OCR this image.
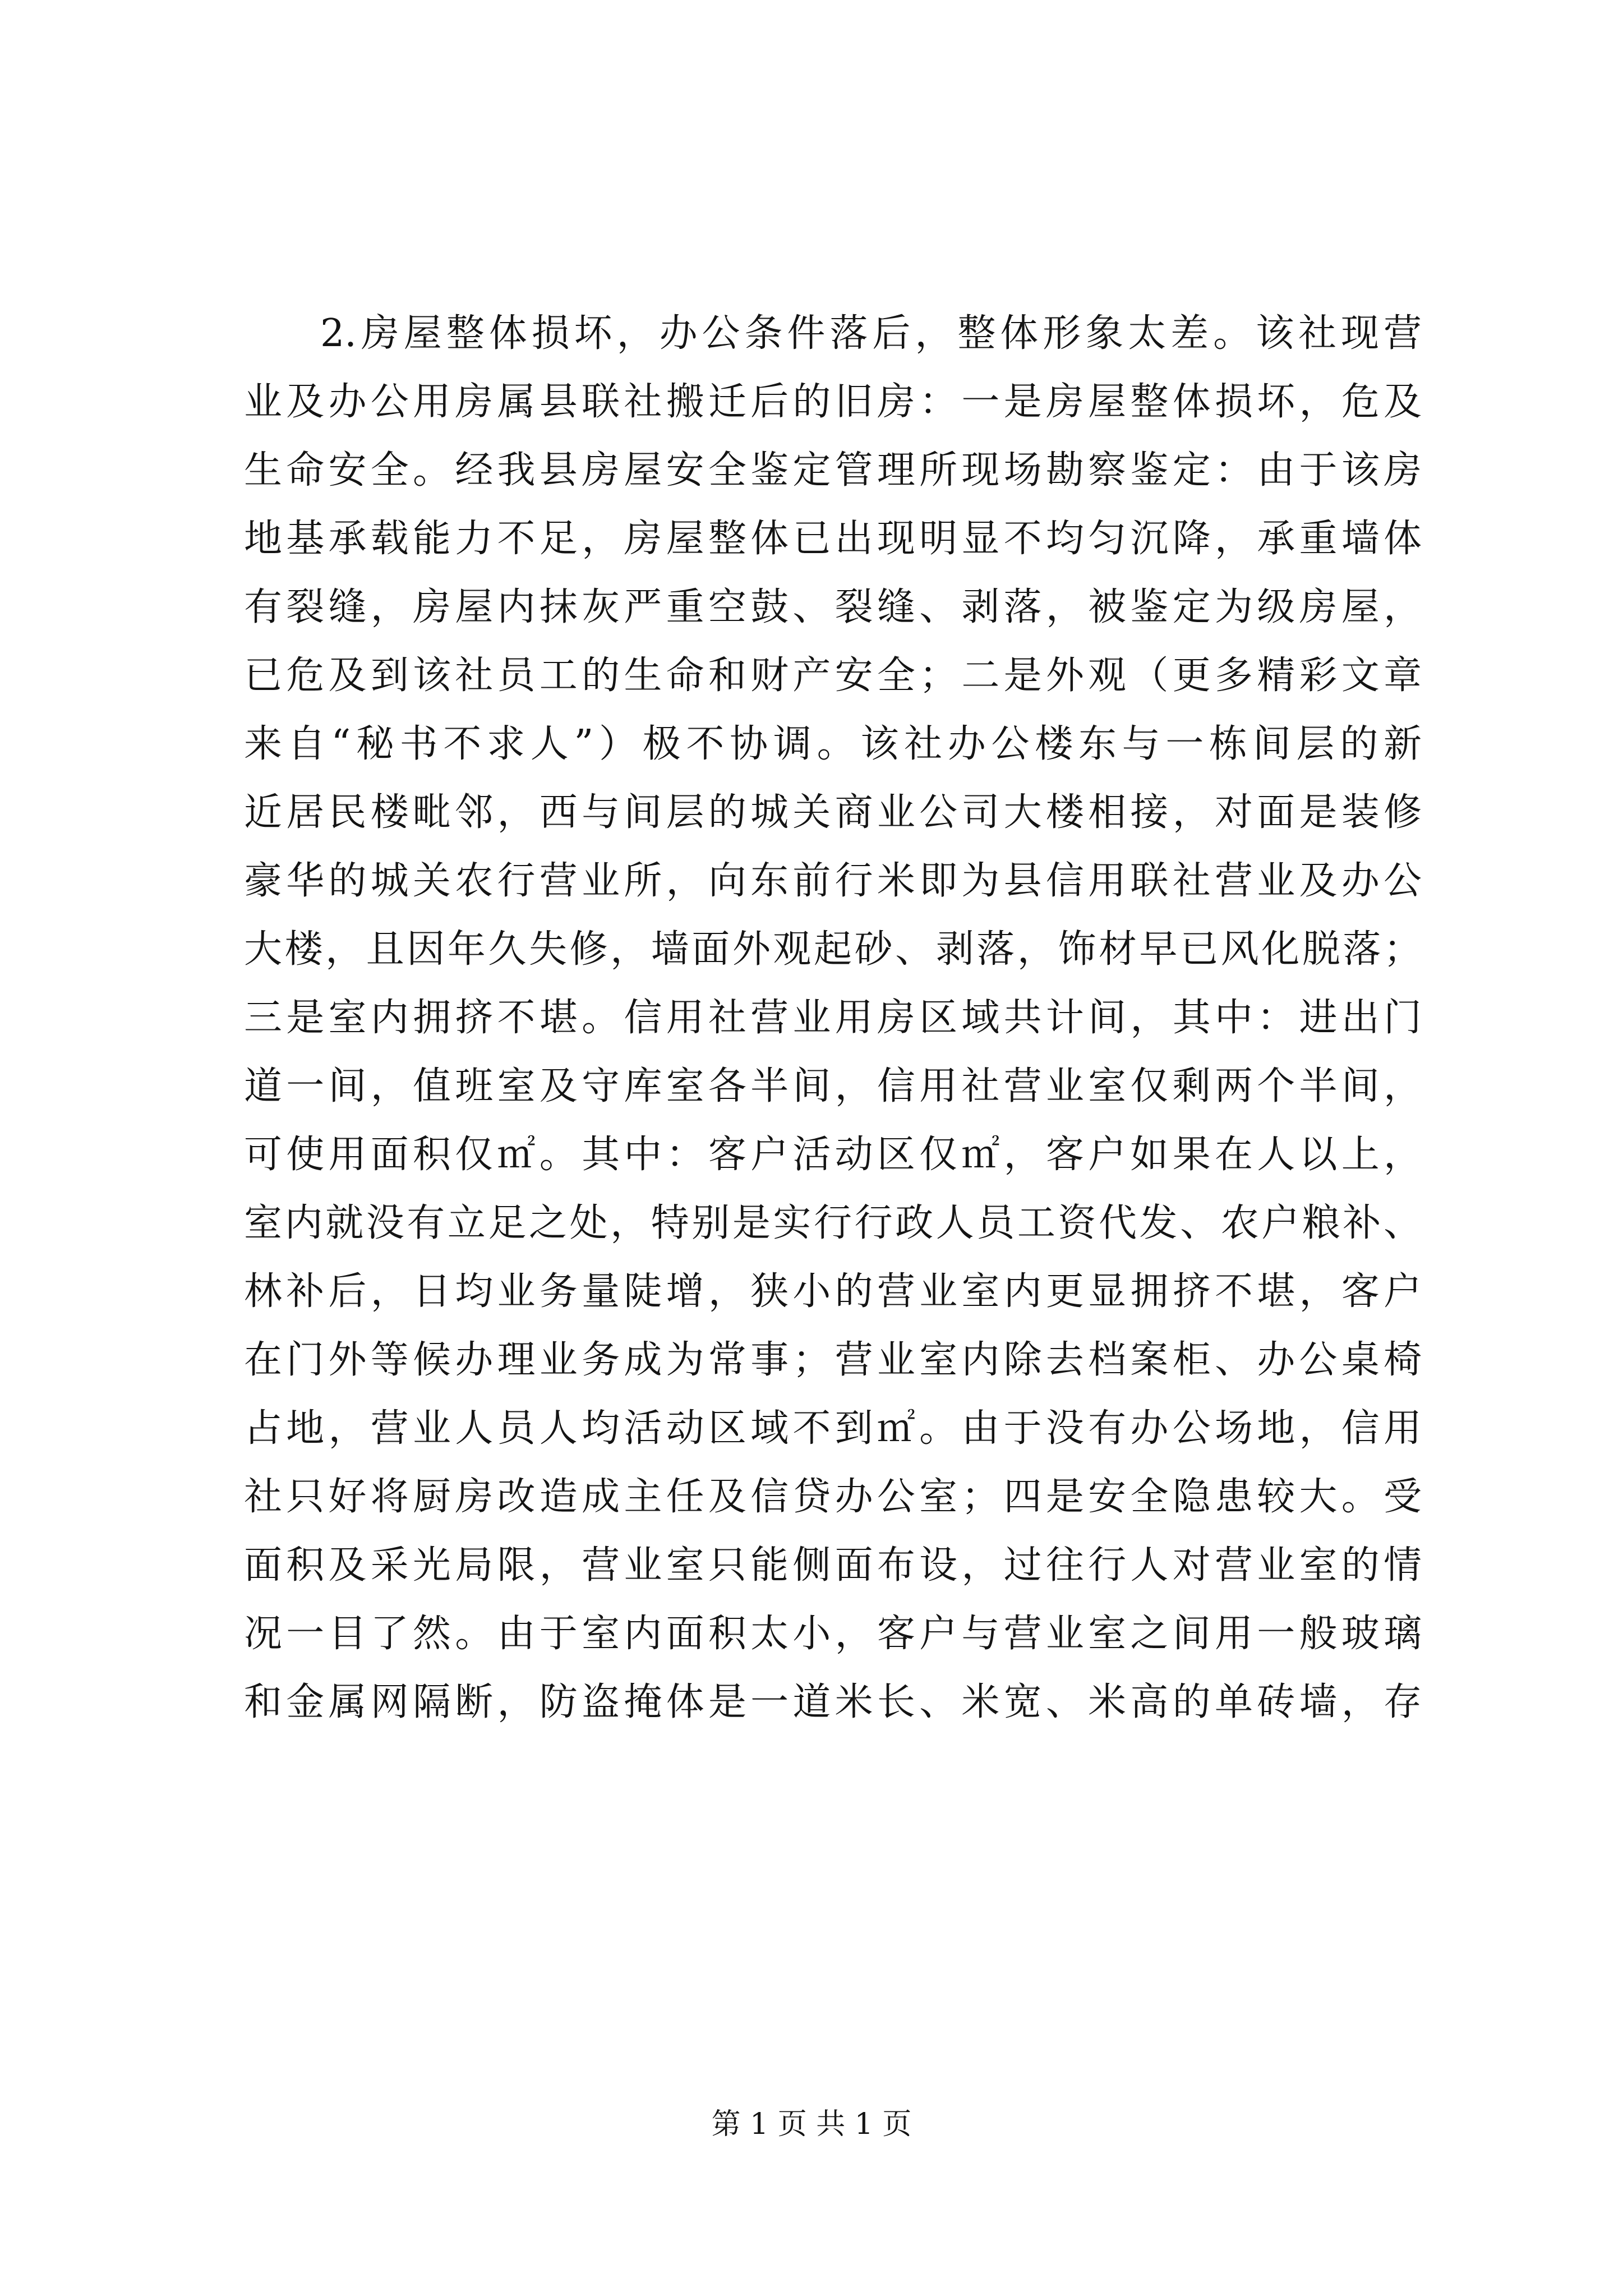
2.房屋整体损坏，办公条件落后，整体形象太差。该社现营
业及办公用房属县联社搬迁后的旧房：一是房屋整体损坏，危及
生命安全。经我县房屋安全鉴定管理所现场勘察鉴定：由于该房
地基承载能力不足，房屋整体已出现明显不均匀沉降，承重墙体
有裂缝，房屋内抹灰严重空鼓、裂缝、剥落，被鉴定为级房屋，
已危及到该社员工的生命和财产安全；二是外观（更多精彩文章
来自“秘书不求人”）极不协调。该社办公楼东与一栋间层的新
近居民楼毗邻，西与间层的城关商业公司大楼相接，对面是装修
豪华的城关农行营业所，向东前行米即为县信用联社营业及办公
大楼，且因年久失修，墙面外观起砂、剥落，饰材早已风化脱落；
三是室内拥挤不堪。信用社营业用房区域共计间，其中：进出门
道一间，值班室及守库室各半间，信用社营业室仅剩两个半间，
可使用面积仅㎡。其中：客户活动区仅㎡，客户如果在人以上，
室内就没有立足之处，特别是实行行政人员工资代发、农户粮补、
林补后，日均业务量陡增，狭小的营业室内更显拥挤不堪，客户
在门外等候办理业务成为常事；营业室内除去档案柜、办公桌椅
占地，营业人员人均活动区域不到㎡。由于没有办公场地，信用
社只好将厨房改造成主任及信贷办公室；四是安全隐患较大。受
面积及采光局限，营业室只能侧面布设，过往行人对营业室的情
况一目了然。由于室内面积太小，客户与营业室之间用一般玻璃
和金属网隔断，防盗掩体是一道米长、米宽、米高的单砖墙，存
第 1 页 共 1 页
